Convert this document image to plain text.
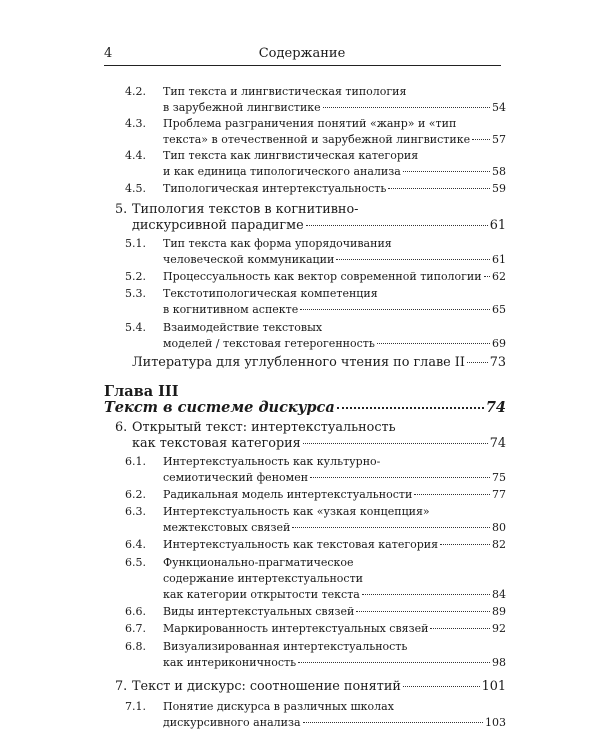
4	Содержание
4.2. Тип текста и лингвистическая типология
в зарубежной лингвистике	54
4.3. Проблема разграничения понятий «жанр» и «тип
текста» в отечественной и зарубежной лингвистике 57
4.4. Тип текста как лингвистическая категория
и как единица типологического анализа	58
4.5. Типологическая интертекстуальность	59
5. Типология текстов в когнитивно-
дискурсивной парадигме	61
5.1. Тип текста как форма упорядочивания
человеческой коммуникации	61
5.2. Процессуальность как вектор современной типологии 62
5.3. Текстотипологическая компетенция
в когнитивном аспекте	65
5.4. Взаимодействие текстовых
моделей / текстовая гетерогенность	69
Литература для углубленного чтения по главе II 73
Глава III
Текст в системе дискурса	74
6. Открытый текст: интертекстуальность
как текстовая категория	74
6.1. Интертекстуальность как культурно-
семиотический феномен	75
6.2. Радикальная модель интертекстуальности	77
6.3. Интертекстуальность как «узкая концепция»
межтекстовых связей	80
6.4. Интертекстуальность как текстовая категория	82
6.5. Функционально-прагматическое
содержание интертекстуальности
как категории открытости текста	84
6.6. Виды интертекстуальных связей	89
6.7. Маркированность интертекстуальных связей	92
6.8. Визуализированная интертекстуальность
как интериконичность	98
7. Текст и дискурс: соотношение понятий	101
7.1. Понятие дискурса в различных школах
дискурсивного анализа	103
